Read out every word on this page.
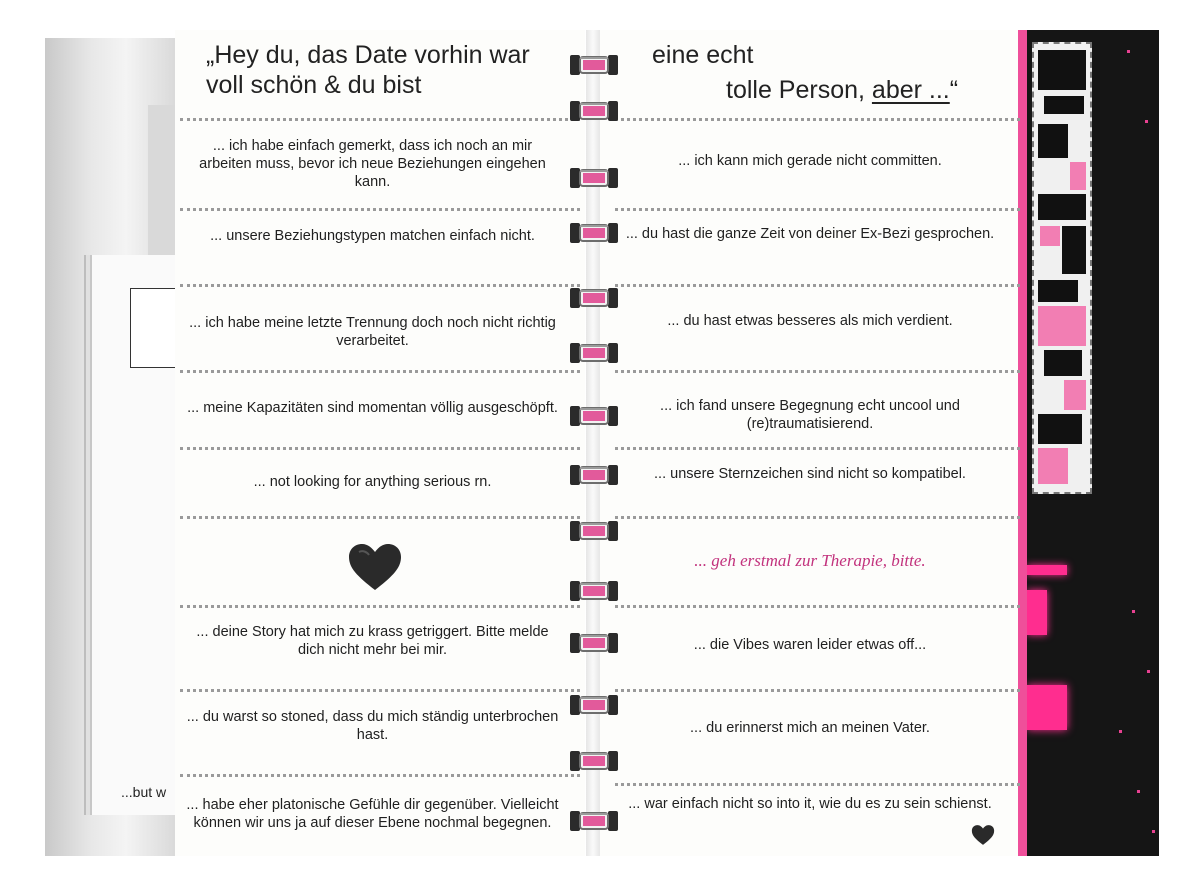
...but w
„Hey du, das Date vorhin war voll schön & du bist
eine echt
tolle Person, aber ...“
... ich habe einfach gemerkt, dass ich noch an mir arbeiten muss, bevor ich neue Beziehungen eingehen kann.
... unsere Beziehungstypen matchen einfach nicht.
... ich habe meine letzte Trennung doch noch nicht richtig verarbeitet.
... meine Kapazitäten sind momentan völlig ausgeschöpft.
... not looking for anything serious rn.
... deine Story hat mich zu krass getriggert. Bitte melde dich nicht mehr bei mir.
... du warst so stoned, dass du mich ständig unterbrochen hast.
... habe eher platonische Gefühle dir gegenüber. Vielleicht können wir uns ja auf dieser Ebene nochmal begegnen.
... ich kann mich gerade nicht committen.
... du hast die ganze Zeit von deiner Ex-Bezi gesprochen.
... du hast etwas besseres als mich verdient.
... ich fand unsere Begegnung echt uncool und (re)traumatisierend.
... unsere Sternzeichen sind nicht so kompatibel.
... geh erstmal zur Therapie, bitte.
... die Vibes waren leider etwas off...
... du erinnerst mich an meinen Vater.
... war einfach nicht so into it, wie du es zu sein schienst.
